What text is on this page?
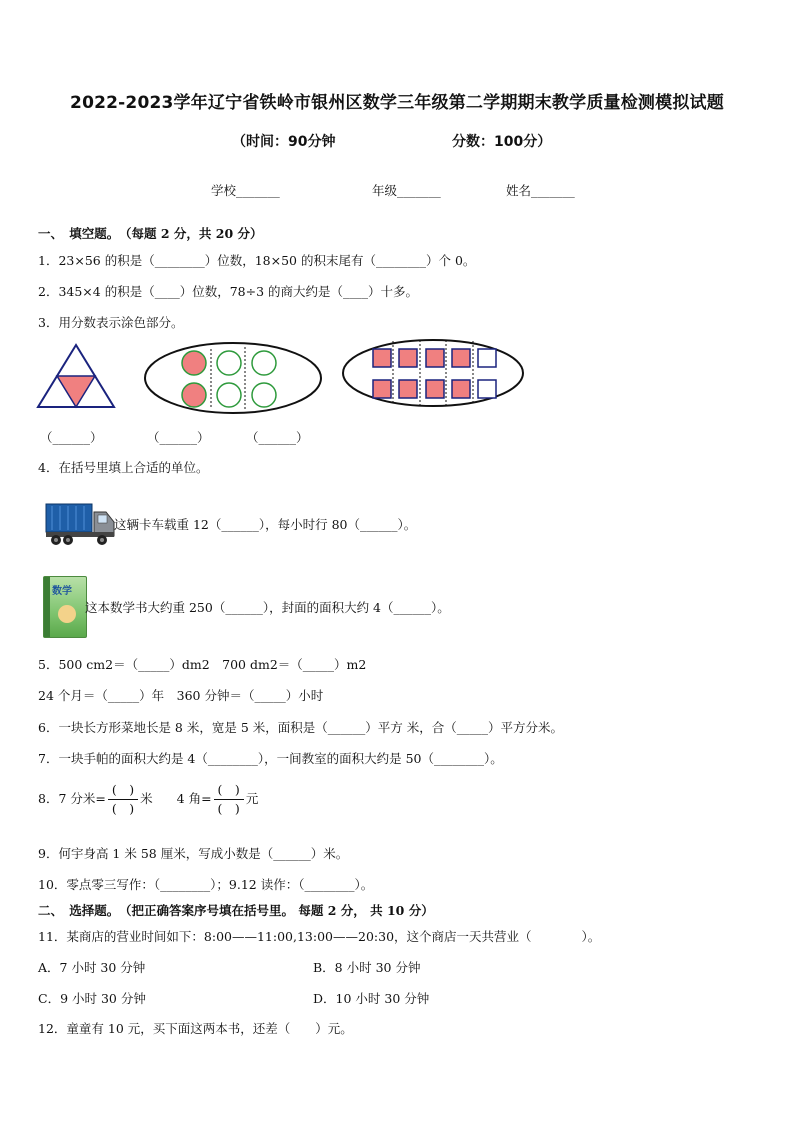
2022-2023学年辽宁省铁岭市银州区数学三年级第二学期期末教学质量检测模拟试题
（时间：90分钟	分数：100分）
学校_______	年级_______	姓名_______
一、　填空题。 （每题 2 分，共 20 分）
1．23×56 的积是（________）位数，18×50 的积末尾有（________）个 0。
2．345×4 的积是（____）位数，78÷3 的商大约是（____）十多。
3．用分数表示涂色部分。
（______）	（______）	（______）
4．在括号里填上合适的单位。
这辆卡车载重 12（______），每小时行 80（______）。
数学
这本数学书大约重 250（______），封面的面积大约 4（______）。
5．500 cm2＝（_____）dm2　700 dm2＝（_____）m2
24 个月＝（_____）年　360 分钟＝（_____）小时
6．一块长方形菜地长是 8 米，宽是 5 米，面积是（______）平方 米，合（_____）平方分米。
7．一块手帕的面积大约是 4（________），一间教室的面积大约是 50（________）。
8．7 分米= $\frac{( )}{( )}$ 米 4 角= $\frac{( )}{( )}$ 元
9．何宇身高 1 米 58 厘米，写成小数是（______）米。
10．零点零三写作：（________）；9.12 读作：（________）。
二、　选择题。 （把正确答案序号填在括号里。 每题 2 分， 共 10 分）
11．某商店的营业时间如下：8:00——11:00,13:00——20:30，这个商店一天共营业（　　　　）。
A．7 小时 30 分钟	B．8 小时 30 分钟
C．9 小时 30 分钟	D．10 小时 30 分钟
12．童童有 10 元，买下面这两本书，还差（　　）元。
